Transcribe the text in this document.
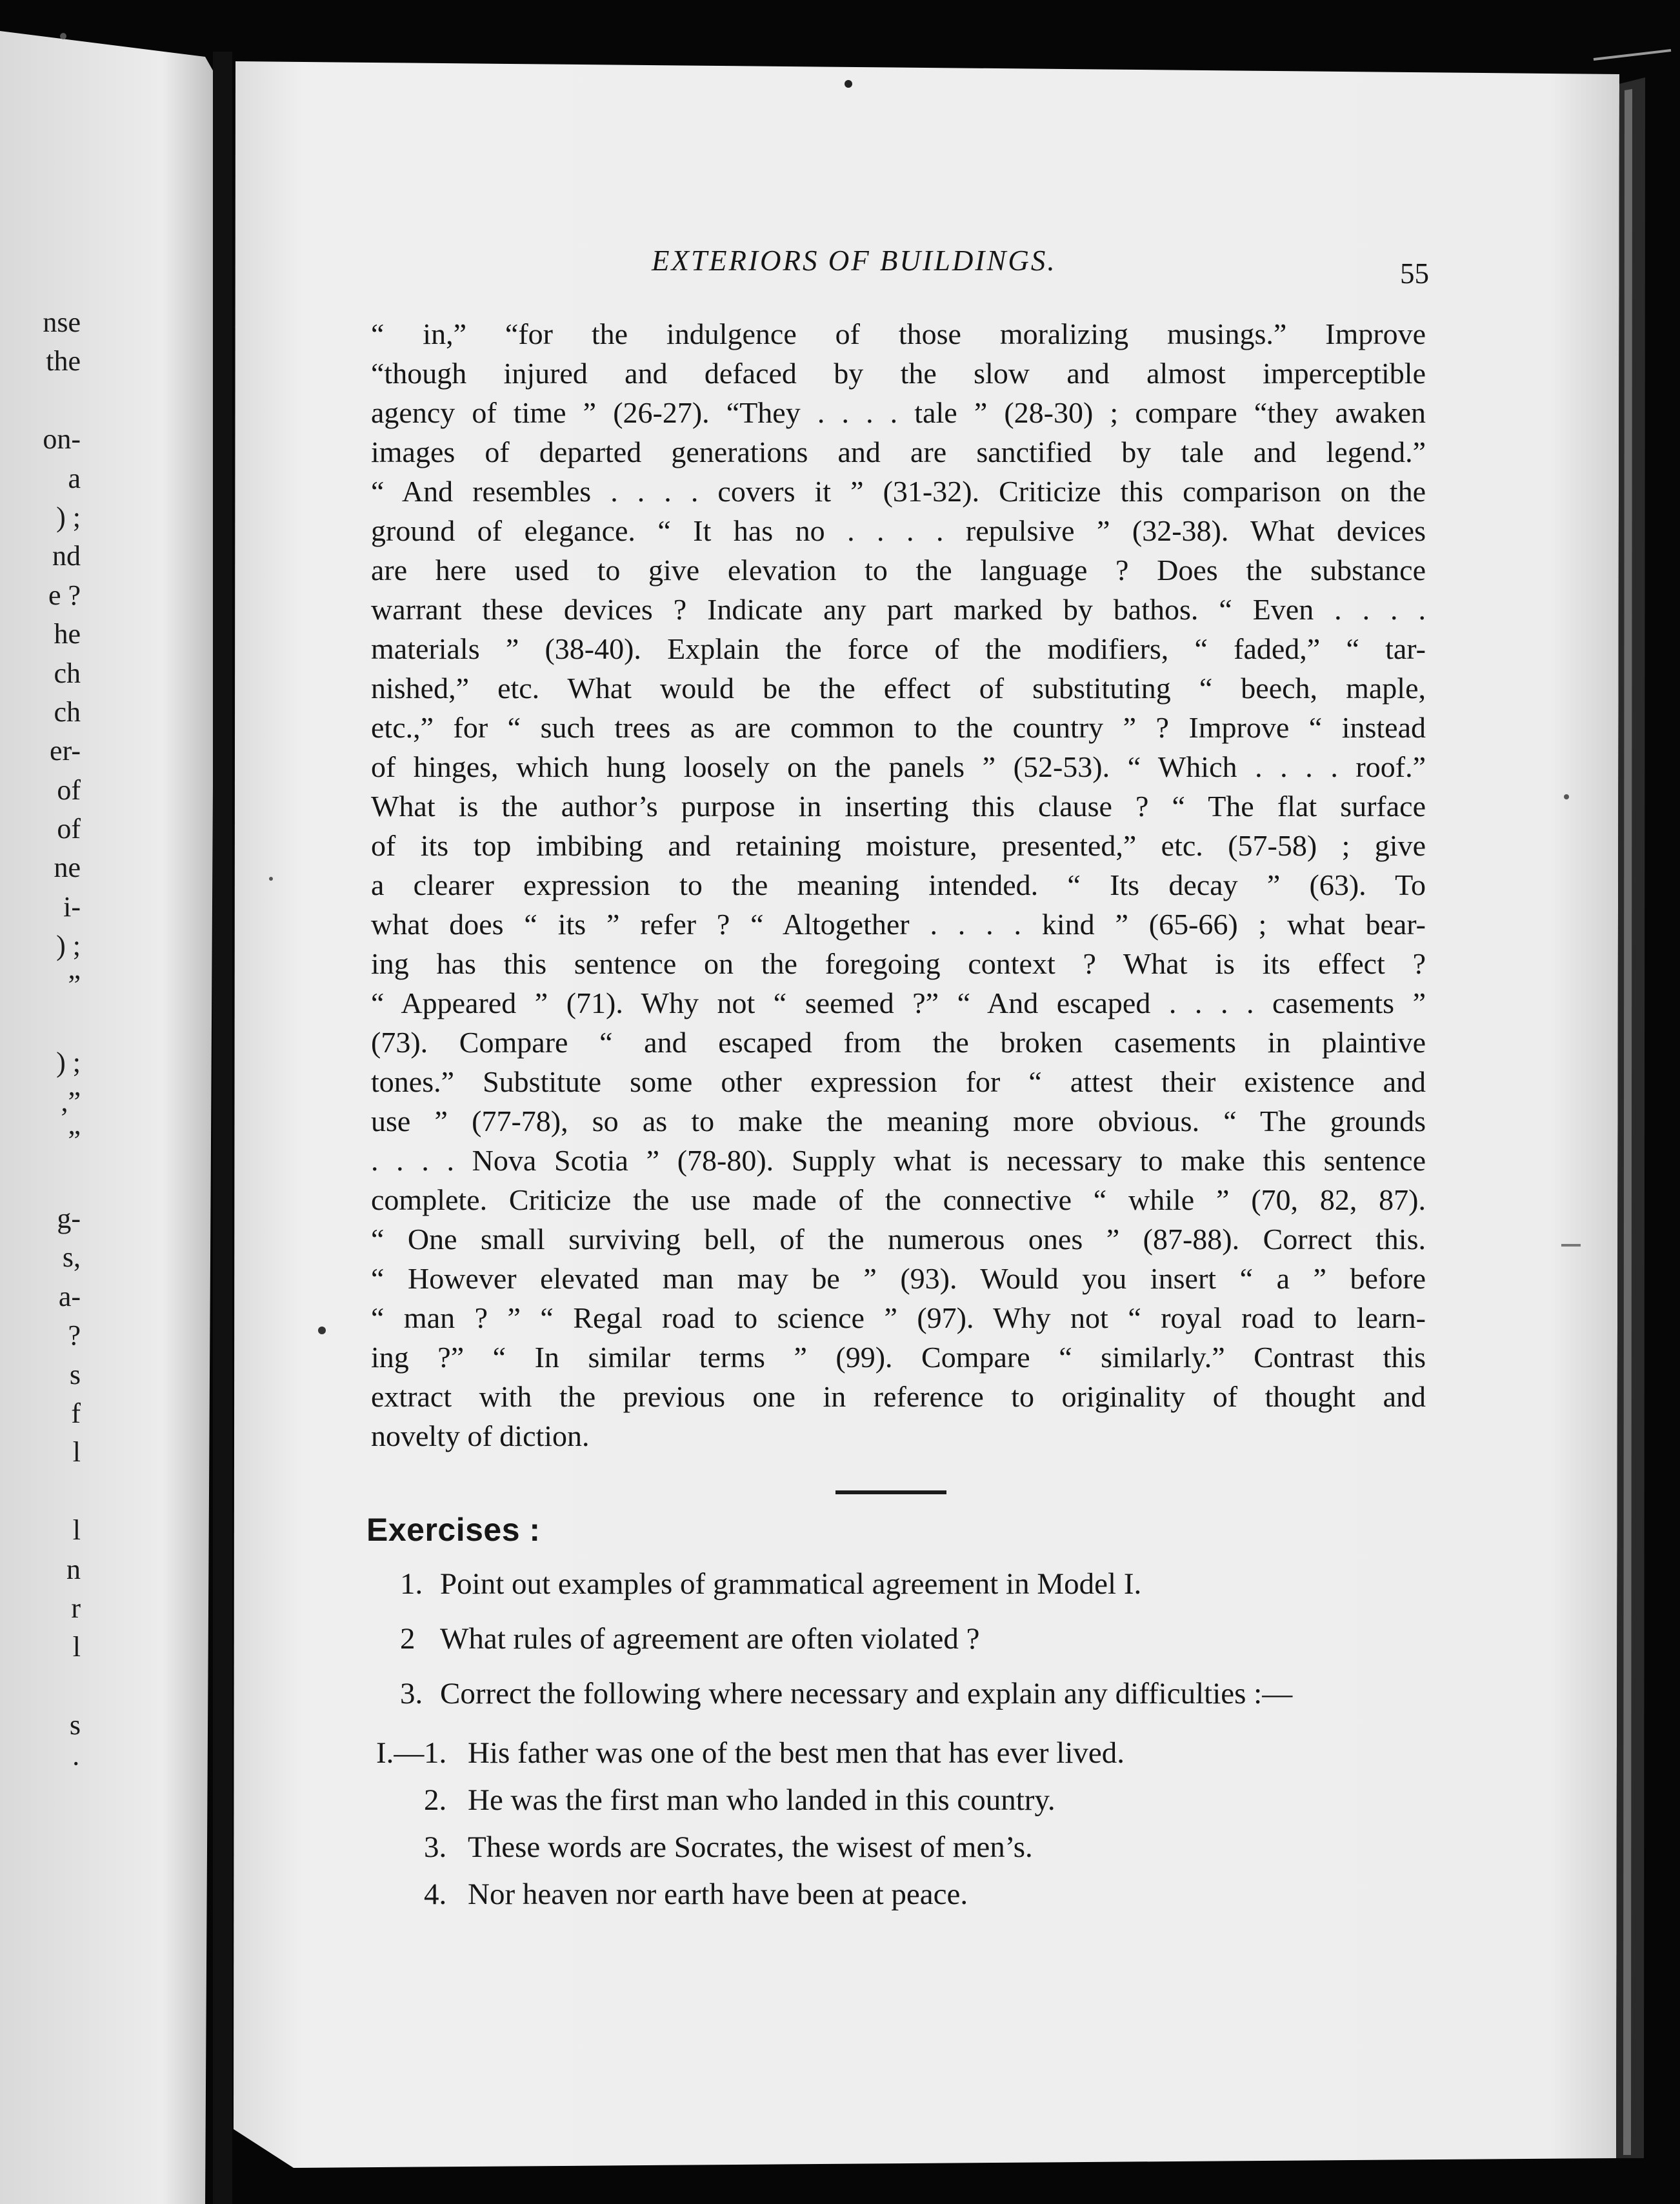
nse
the
on-
a
) ;
nd
e ?
he
ch
ch
er-
of
of
ne
i-
) ;
”
) ;
,”
”
g-
s,
a-
?
s
f
l
l
n
r
l
s
·
EXTERIORS OF BUILDINGS.	55
“ in,” “for the indulgence of those moralizing musings.” Improve
“though injured and defaced by the slow and almost imperceptible
agency of time ” (26-27). “They . . . . tale ” (28-30) ; compare “they awaken
images of departed generations and are sanctified by tale and legend.”
“ And resembles . . . . covers it ” (31-32). Criticize this comparison on the
ground of elegance. “ It has no . . . . repulsive ” (32-38). What devices
are here used to give elevation to the language ? Does the substance
warrant these devices ? Indicate any part marked by bathos. “ Even . . . .
materials ” (38-40). Explain the force of the modifiers, “ faded,” “ tar-
nished,” etc. What would be the effect of substituting “ beech, maple,
etc.,” for “ such trees as are common to the country ” ? Improve “ instead
of hinges, which hung loosely on the panels ” (52-53). “ Which . . . . roof.”
What is the author’s purpose in inserting this clause ? “ The flat surface
of its top imbibing and retaining moisture, presented,” etc. (57-58) ; give
a clearer expression to the meaning intended. “ Its decay ” (63). To
what does “ its ” refer ? “ Altogether . . . . kind ” (65-66) ; what bear-
ing has this sentence on the foregoing context ? What is its effect ?
“ Appeared ” (71). Why not “ seemed ?” “ And escaped . . . . casements ”
(73). Compare “ and escaped from the broken casements in plaintive
tones.” Substitute some other expression for “ attest their existence and
use ” (77-78), so as to make the meaning more obvious. “ The grounds
. . . . Nova Scotia ” (78-80). Supply what is necessary to make this sentence
complete. Criticize the use made of the connective “ while ” (70, 82, 87).
“ One small surviving bell, of the numerous ones ” (87-88). Correct this.
“ However elevated man may be ” (93). Would you insert “ a ” before
“ man ? ” “ Regal road to science ” (97). Why not “ royal road to learn-
ing ?” “ In similar terms ” (99). Compare “ similarly.” Contrast this
extract with the previous one in reference to originality of thought and
novelty of diction.
Exercises :
1. Point out examples of grammatical agreement in Model I.
2 What rules of agreement are often violated ?
3. Correct the following where necessary and explain any difficulties :—
I.— 1. His father was one of the best men that has ever lived.
2. He was the first man who landed in this country.
3. These words are Socrates, the wisest of men’s.
4. Nor heaven nor earth have been at peace.
